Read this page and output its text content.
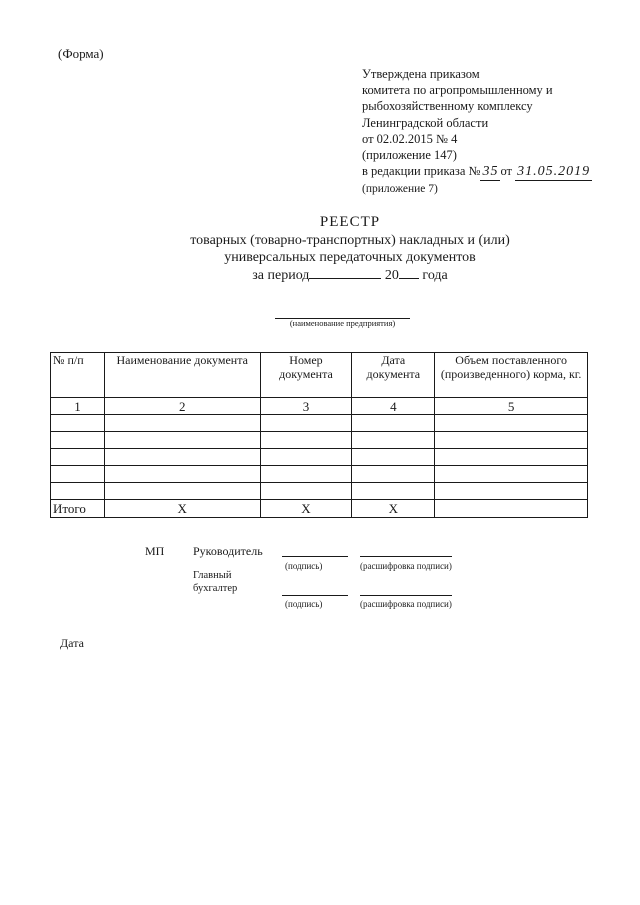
(Форма)
Утверждена приказом
комитета по агропромышленному и
рыбохозяйственному комплексу
Ленинградской области
от 02.02.2015 № 4
(приложение 147)
в редакции приказа № 35 от 31.05.2019
(приложение 7)
РЕЕСТР
товарных (товарно-транспортных) накладных и (или)
универсальных передаточных документов
за период	20 года
(наименование предприятия)
№ п/п	Наименование документа	Номер документа	Дата документа	Объем поставленного (произведенного) корма, кг.
1	2	3	4	5

Итого	X	X	X	
МП Руководитель
(подпись)	(расшифровка подписи)
Главный
бухгалтер
(подпись)	(расшифровка подписи)
Дата
